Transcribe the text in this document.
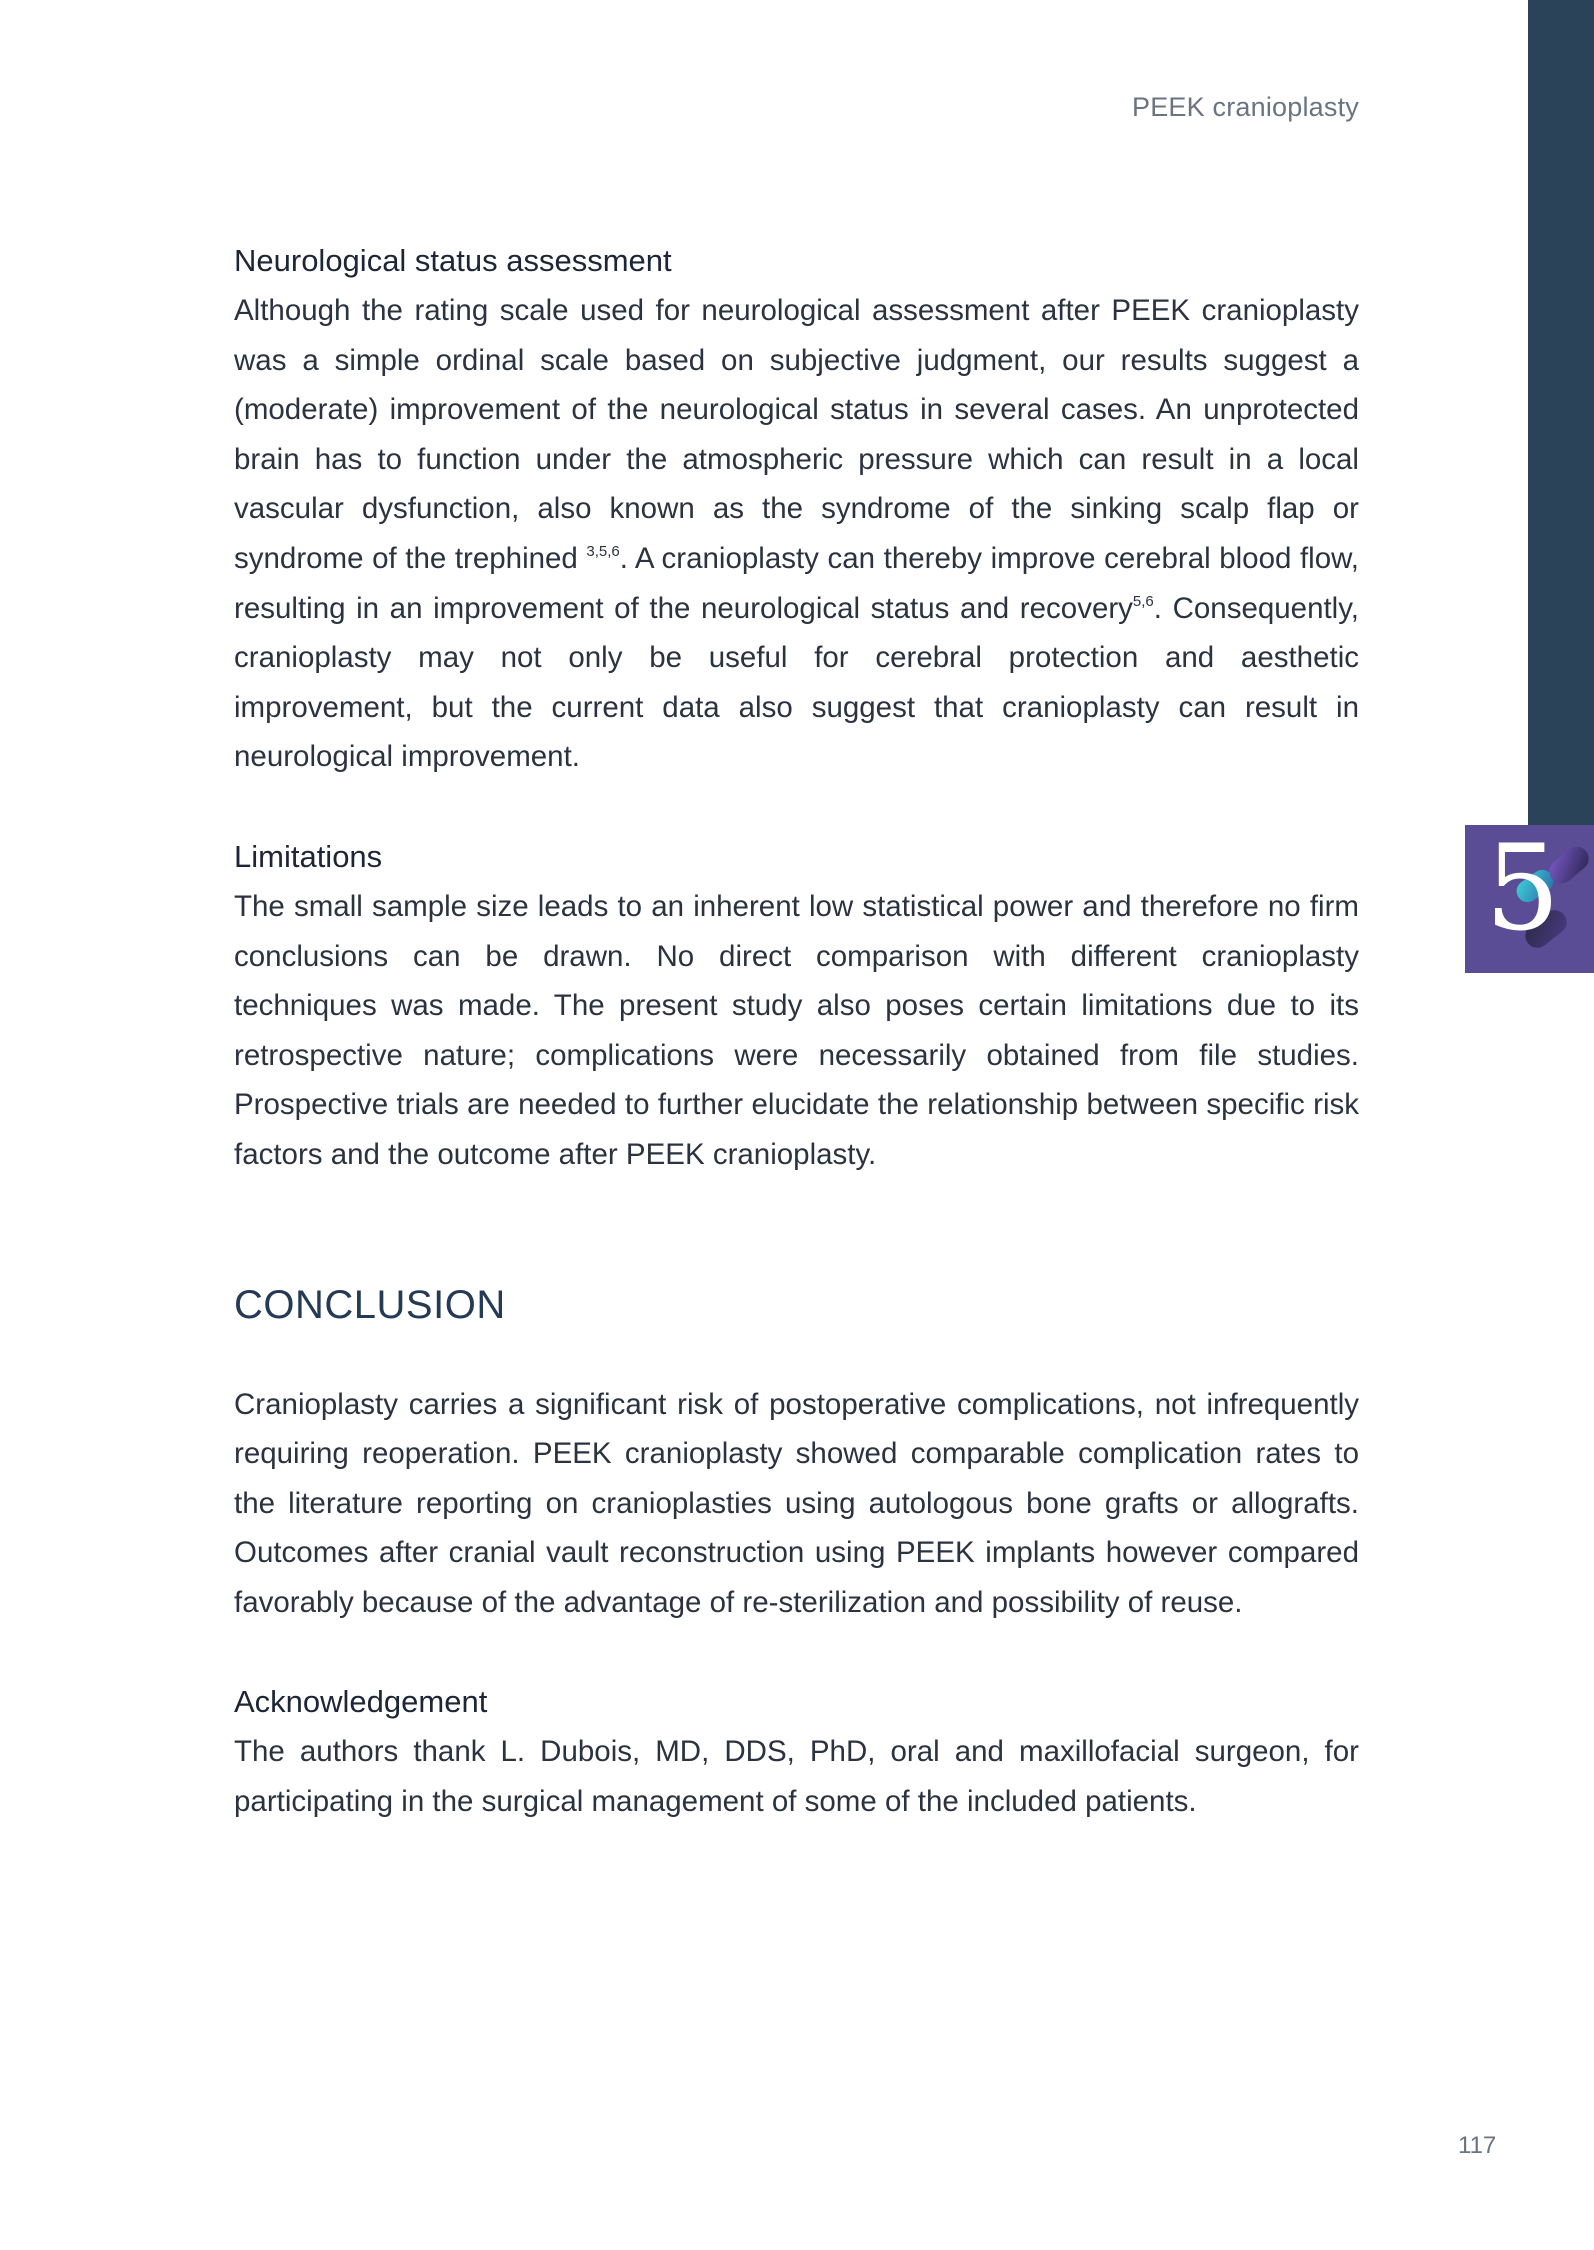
5
PEEK cranioplasty
Neurological status assessment

Although the rating scale used for neurological assessment after PEEK cranioplasty was a simple ordinal scale based on subjective judgment, our results suggest a (moderate) improvement of the neurological status in several cases. An unprotected brain has to function under the atmospheric pressure which can result in a local vascular dysfunction, also known as the syndrome of the sinking scalp flap or syndrome of the trephined $^{3,5,6}$. A cranioplasty can thereby improve cerebral blood flow, resulting in an improvement of the neurological status and recovery$^{5,6}$. Consequently, cranioplasty may not only be useful for cerebral protection and aesthetic improvement, but the current data also suggest that cranioplasty can result in neurological improvement.

Limitations

The small sample size leads to an inherent low statistical power and therefore no firm conclusions can be drawn. No direct comparison with different cranioplasty techniques was made. The present study also poses certain limitations due to its retrospective nature; complications were necessarily obtained from file studies. Prospective trials are needed to further elucidate the relationship between specific risk factors and the outcome after PEEK cranioplasty.

CONCLUSION

Cranioplasty carries a significant risk of postoperative complications, not infrequently requiring reoperation. PEEK cranioplasty showed comparable complication rates to the literature reporting on cranioplasties using autologous bone grafts or allografts. Outcomes after cranial vault reconstruction using PEEK implants however compared favorably because of the advantage of re-sterilization and possibility of reuse.

Acknowledgement

The authors thank L. Dubois, MD, DDS, PhD, oral and maxillofacial surgeon, for participating in the surgical management of some of the included patients.

117
